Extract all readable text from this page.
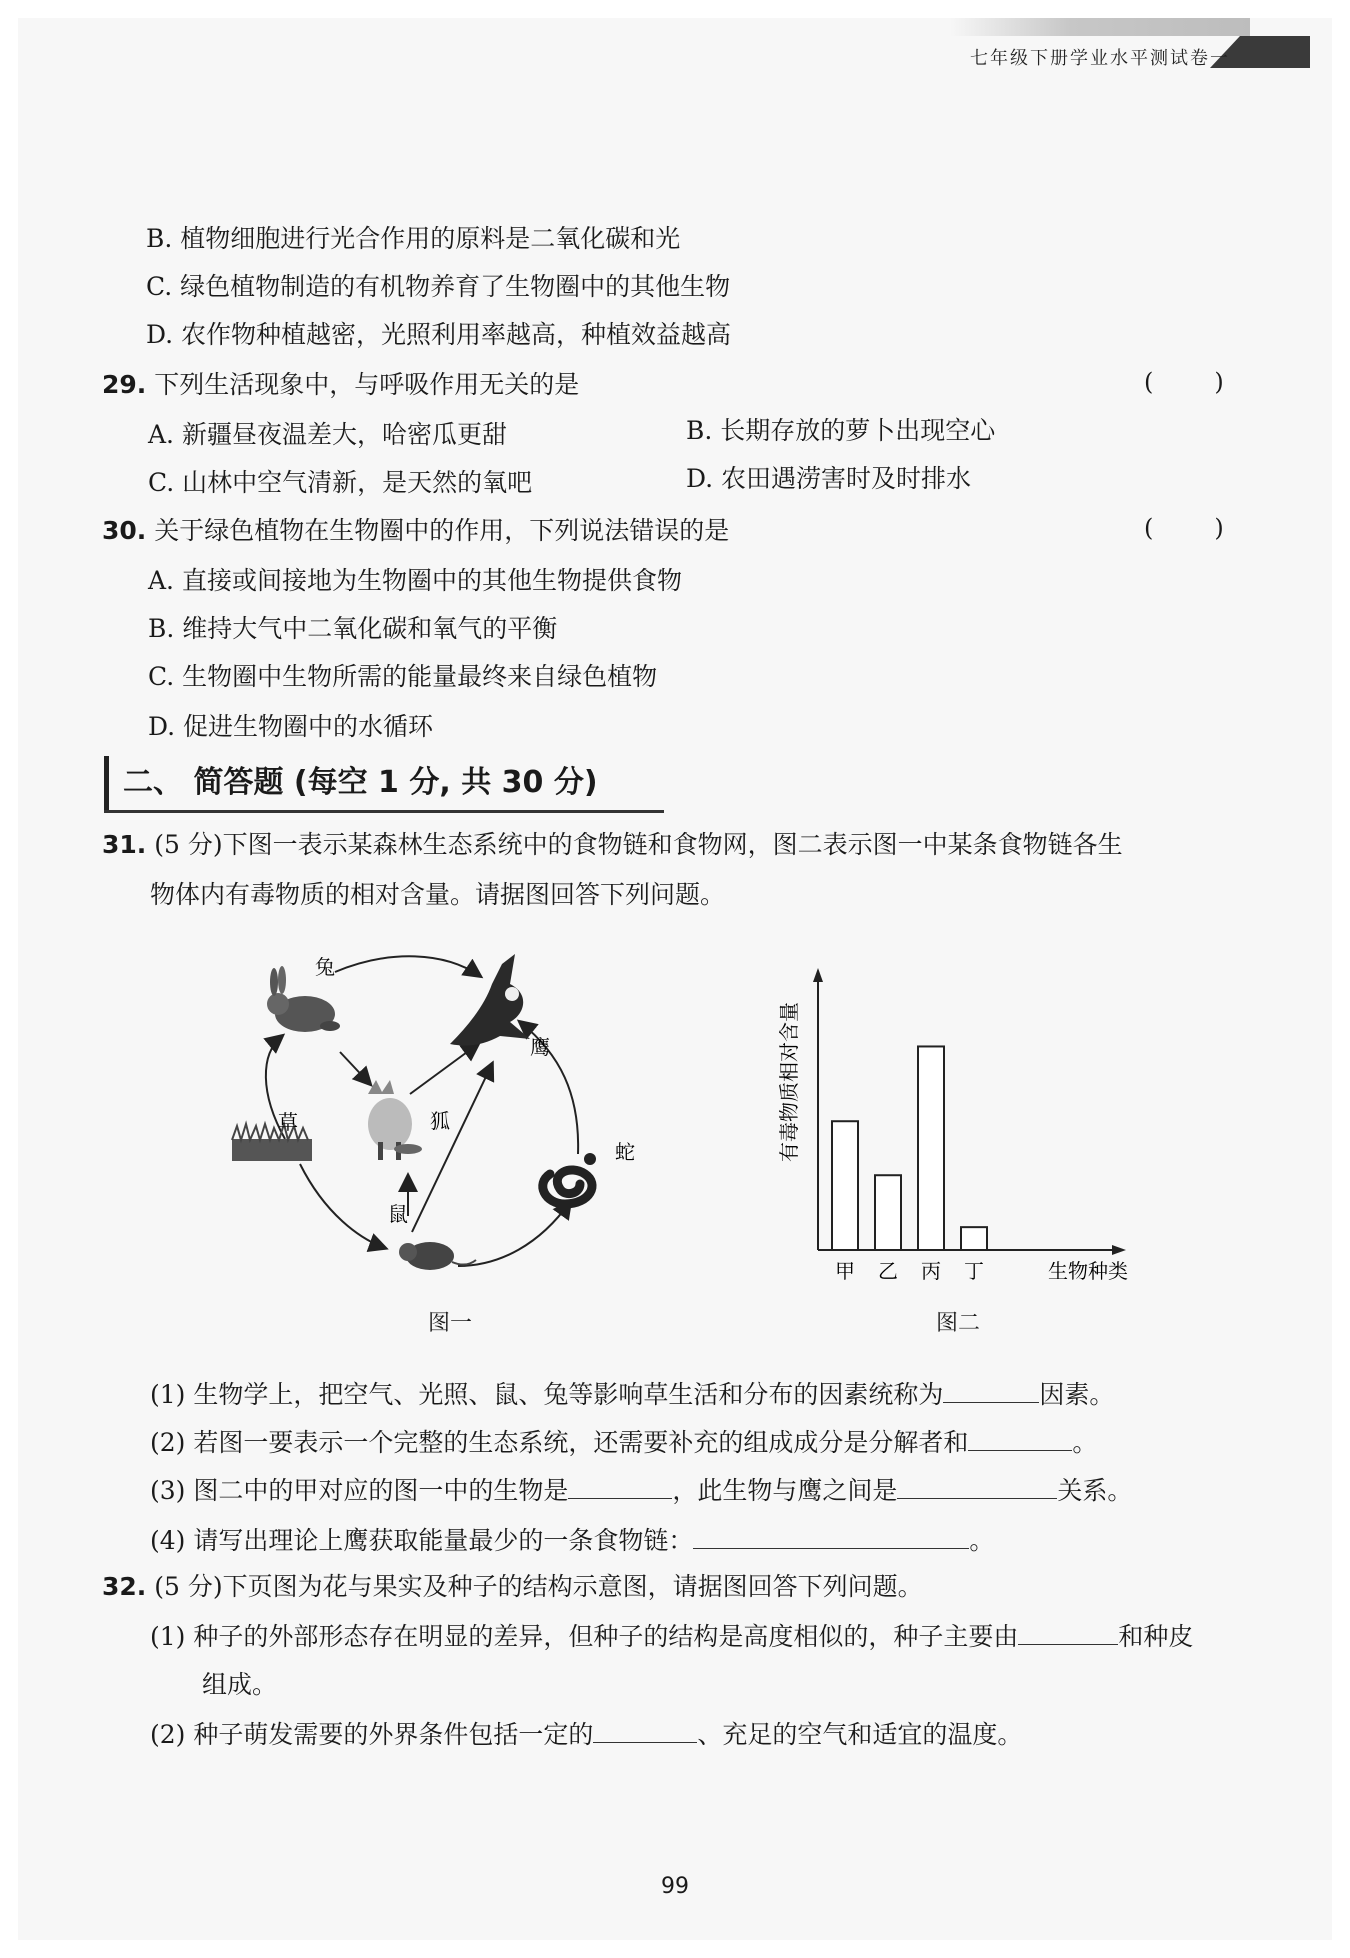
七年级下册学业水平测试卷一
B. 植物细胞进行光合作用的原料是二氧化碳和光
C. 绿色植物制造的有机物养育了生物圈中的其他生物
D. 农作物种植越密，光照利用率越高，种植效益越高
29. 下列生活现象中，与呼吸作用无关的是	(        )
A. 新疆昼夜温差大，哈密瓜更甜	B. 长期存放的萝卜出现空心
C. 山林中空气清新，是天然的氧吧	D. 农田遇涝害时及时排水
30. 关于绿色植物在生物圈中的作用，下列说法错误的是	(        )
A. 直接或间接地为生物圈中的其他生物提供食物
B. 维持大气中二氧化碳和氧气的平衡
C. 生物圈中生物所需的能量最终来自绿色植物
D. 促进生物圈中的水循环
二、 简答题 (每空 1 分, 共 30 分)
31. (5 分)下图一表示某森林生态系统中的食物链和食物网，图二表示图一中某条食物链各生
物体内有毒物质的相对含量。请据图回答下列问题。
兔
鹰
草	狐
蛇
鼠
图一
甲 乙 丙 丁
有毒物质相对含量
生物种类
图二
(1) 生物学上，把空气、光照、鼠、兔等影响草生活和分布的因素统称为	因素。
(2) 若图一要表示一个完整的生态系统，还需要补充的组成成分是分解者和	。
(3) 图二中的甲对应的图一中的生物是	，此生物与鹰之间是	关系。
(4) 请写出理论上鹰获取能量最少的一条食物链：	。
32. (5 分)下页图为花与果实及种子的结构示意图，请据图回答下列问题。
(1) 种子的外部形态存在明显的差异，但种子的结构是高度相似的，种子主要由	和种皮
组成。
(2) 种子萌发需要的外界条件包括一定的	、充足的空气和适宜的温度。
99
